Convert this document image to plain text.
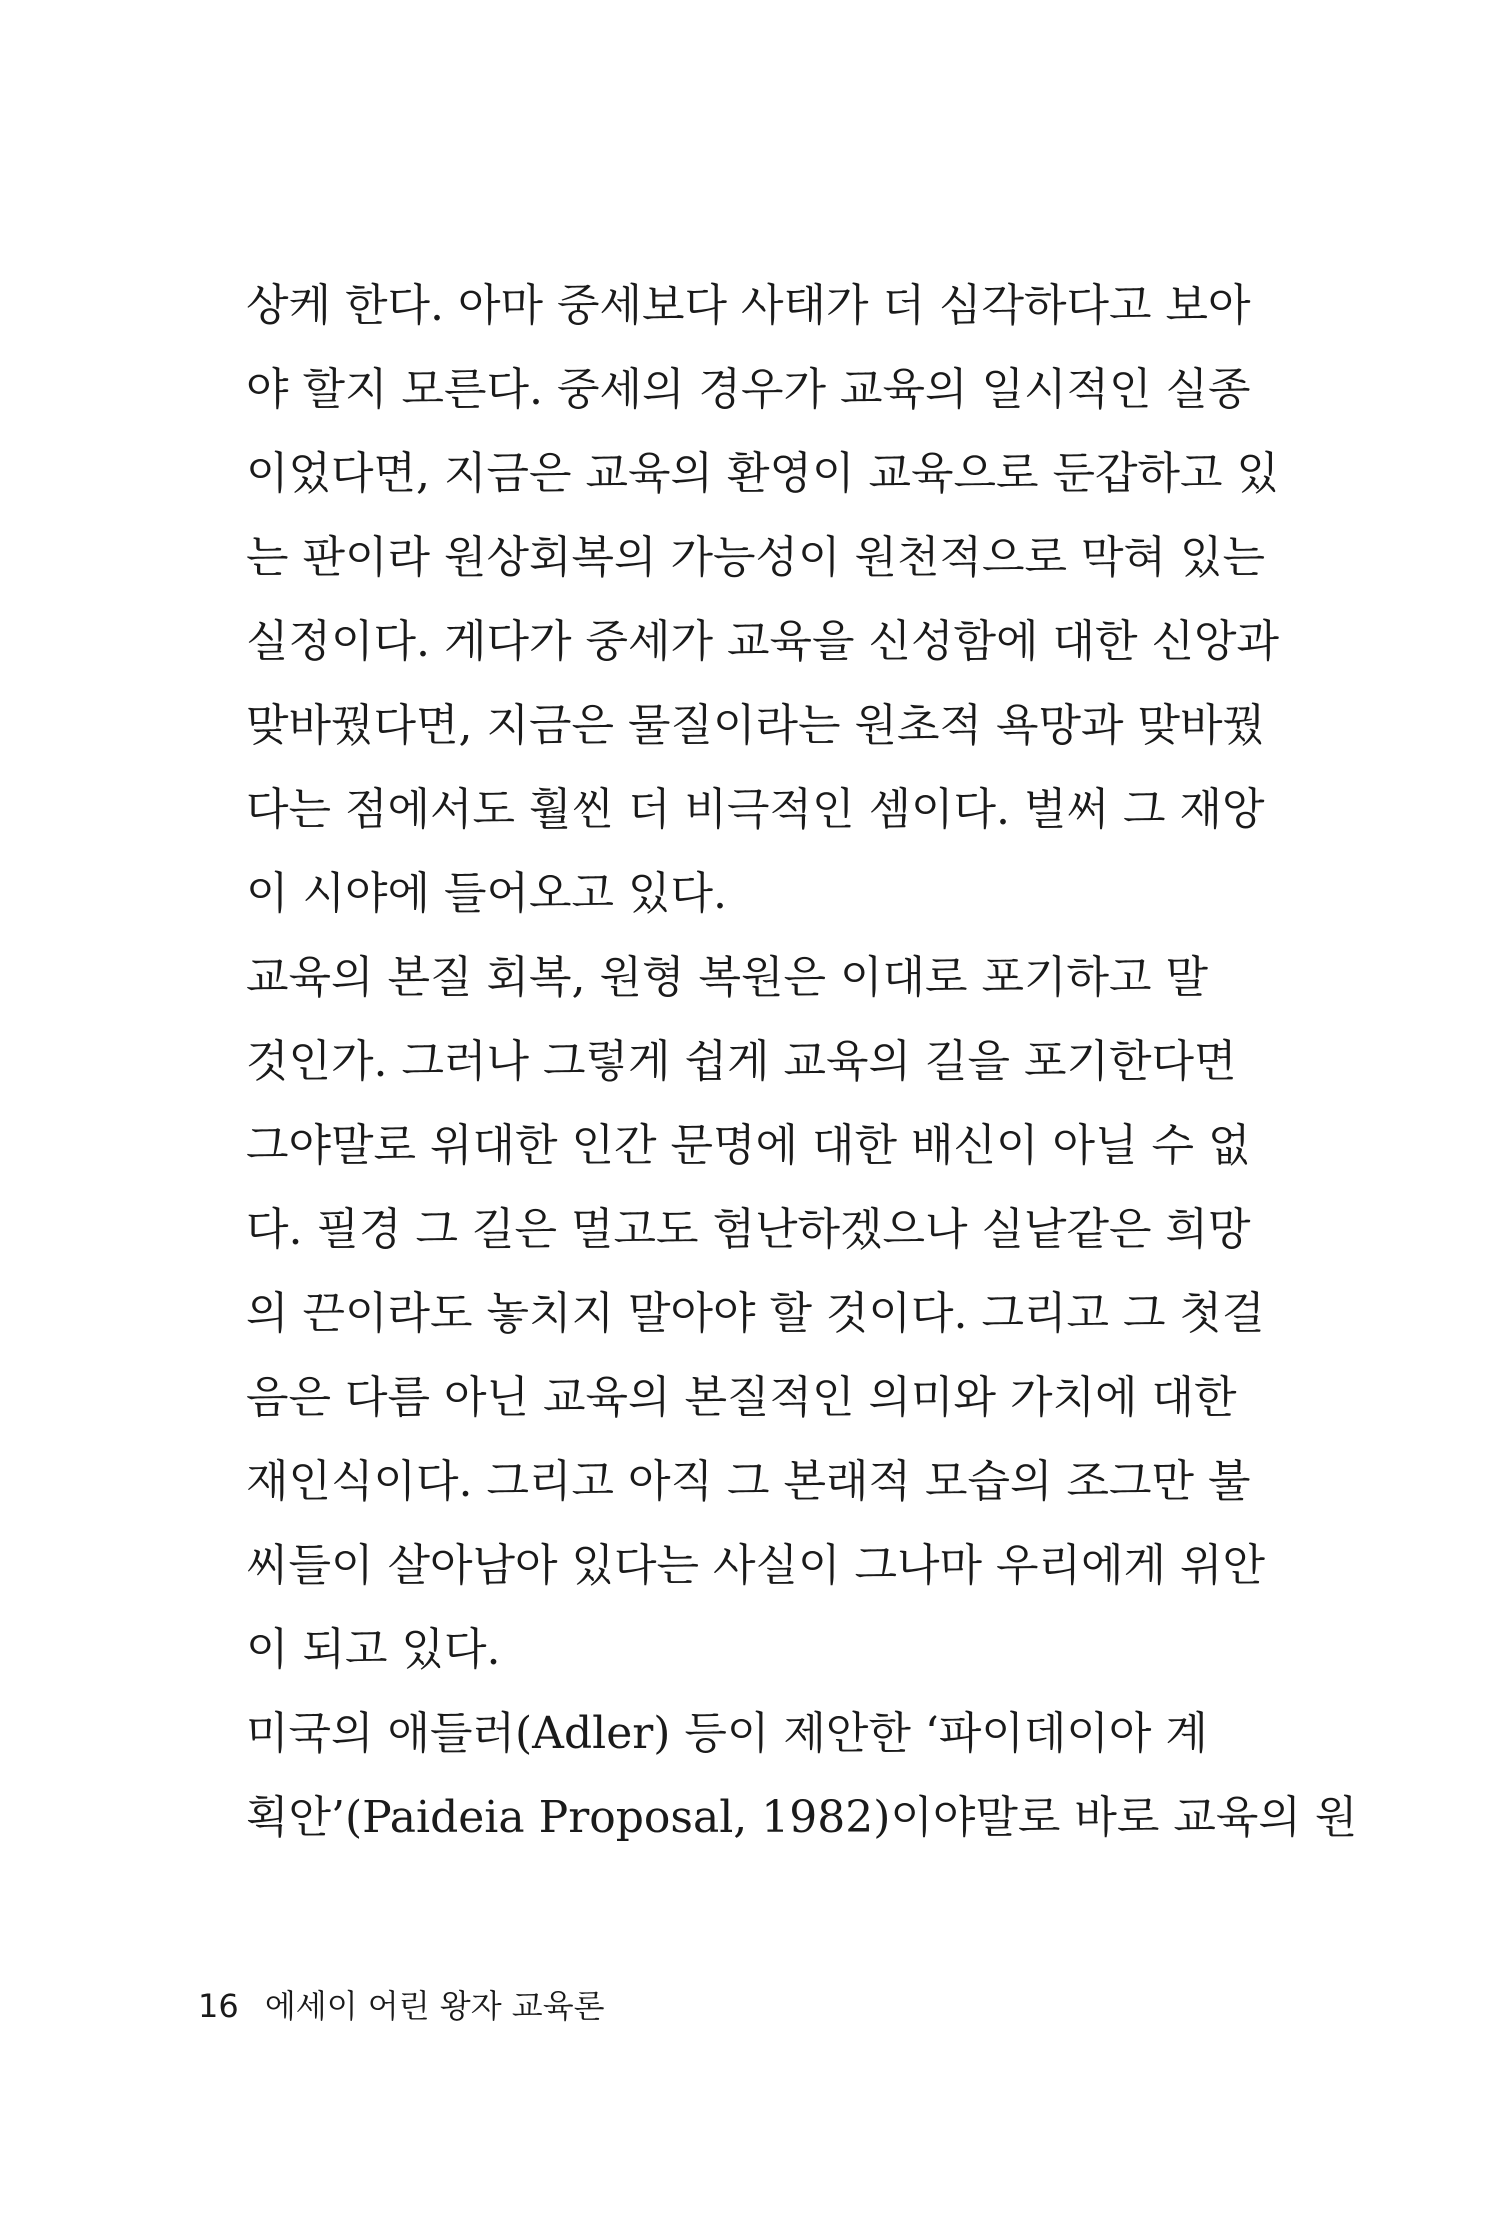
상케 한다. 아마 중세보다 사태가 더 심각하다고 보아
야 할지 모른다. 중세의 경우가 교육의 일시적인 실종
이었다면, 지금은 교육의 환영이 교육으로 둔갑하고 있
는 판이라 원상회복의 가능성이 원천적으로 막혀 있는
실정이다. 게다가 중세가 교육을 신성함에 대한 신앙과
맞바꿨다면, 지금은 물질이라는 원초적 욕망과 맞바꿨
다는 점에서도 훨씬 더 비극적인 셈이다. 벌써 그 재앙
이 시야에 들어오고 있다.
교육의 본질 회복, 원형 복원은 이대로 포기하고 말
것인가. 그러나 그렇게 쉽게 교육의 길을 포기한다면
그야말로 위대한 인간 문명에 대한 배신이 아닐 수 없
다. 필경 그 길은 멀고도 험난하겠으나 실낱같은 희망
의 끈이라도 놓치지 말아야 할 것이다. 그리고 그 첫걸
음은 다름 아닌 교육의 본질적인 의미와 가치에 대한
재인식이다. 그리고 아직 그 본래적 모습의 조그만 불
씨들이 살아남아 있다는 사실이 그나마 우리에게 위안
이 되고 있다.
미국의 애들러(Adler) 등이 제안한 ‘파이데이아 계
획안’(Paideia Proposal, 1982)이야말로 바로 교육의 원
16 에세이 어린 왕자 교육론
